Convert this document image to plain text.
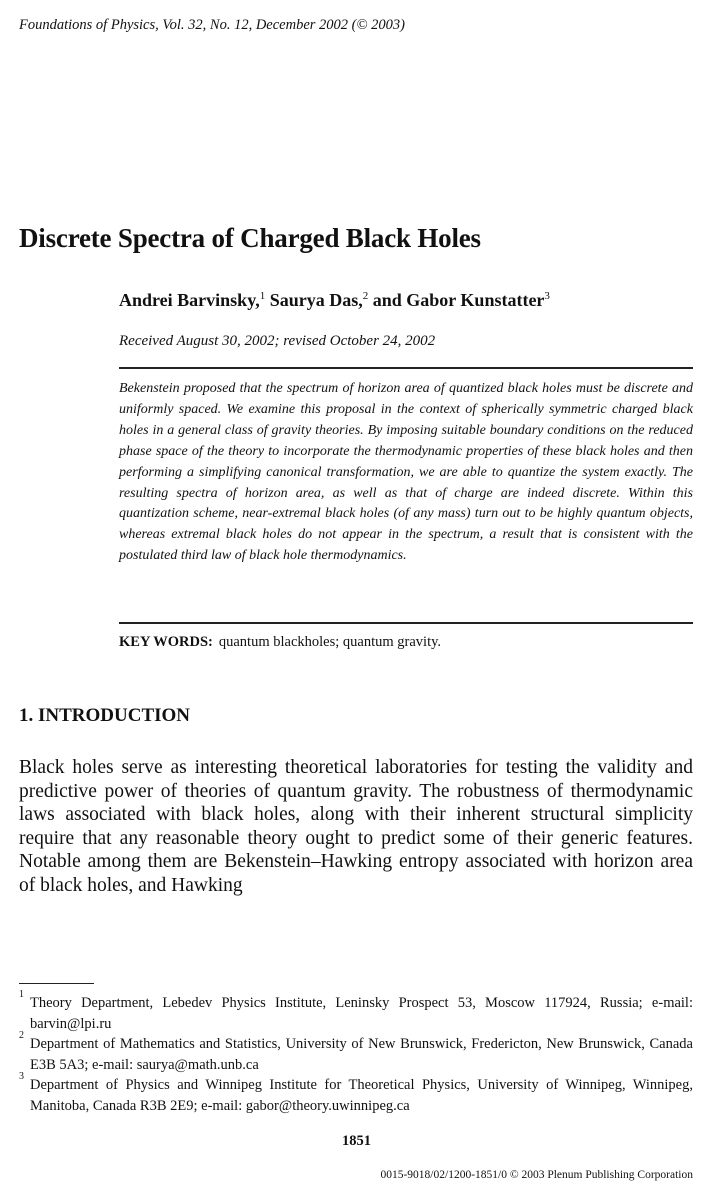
Foundations of Physics, Vol. 32, No. 12, December 2002 (© 2003)
Discrete Spectra of Charged Black Holes
Andrei Barvinsky,$^1$ Saurya Das,$^2$ and Gabor Kunstatter$^3$
Received August 30, 2002; revised October 24, 2002

Bekenstein proposed that the spectrum of horizon area of quantized black holes must be discrete and uniformly spaced. We examine this proposal in the context of spherically symmetric charged black holes in a general class of gravity theories. By imposing suitable boundary conditions on the reduced phase space of the theory to incorporate the thermodynamic properties of these black holes and then performing a simplifying canonical transformation, we are able to quantize the system exactly. The resulting spectra of horizon area, as well as that of charge are indeed discrete. Within this quantization scheme, near-extremal black holes (of any mass) turn out to be highly quantum objects, whereas extremal black holes do not appear in the spectrum, a result that is consistent with the postulated third law of black hole thermodynamics.

KEY WORDS: quantum blackholes; quantum gravity.
1. INTRODUCTION

Black holes serve as interesting theoretical laboratories for testing the validity and predictive power of theories of quantum gravity. The robustness of thermodynamic laws associated with black holes, along with their inherent structural simplicity require that any reasonable theory ought to predict some of their generic features. Notable among them are Bekenstein–Hawking entropy associated with horizon area of black holes, and Hawking

1
Theory Department, Lebedev Physics Institute, Leninsky Prospect 53, Moscow 117924, Russia; e-mail: barvin@lpi.ru
2
Department of Mathematics and Statistics, University of New Brunswick, Fredericton, New Brunswick, Canada E3B 5A3; e-mail: saurya@math.unb.ca
3
Department of Physics and Winnipeg Institute for Theoretical Physics, University of Winnipeg, Winnipeg, Manitoba, Canada R3B 2E9; e-mail: gabor@theory.uwinnipeg.ca
1851
0015-9018/02/1200-1851/0 © 2003 Plenum Publishing Corporation
